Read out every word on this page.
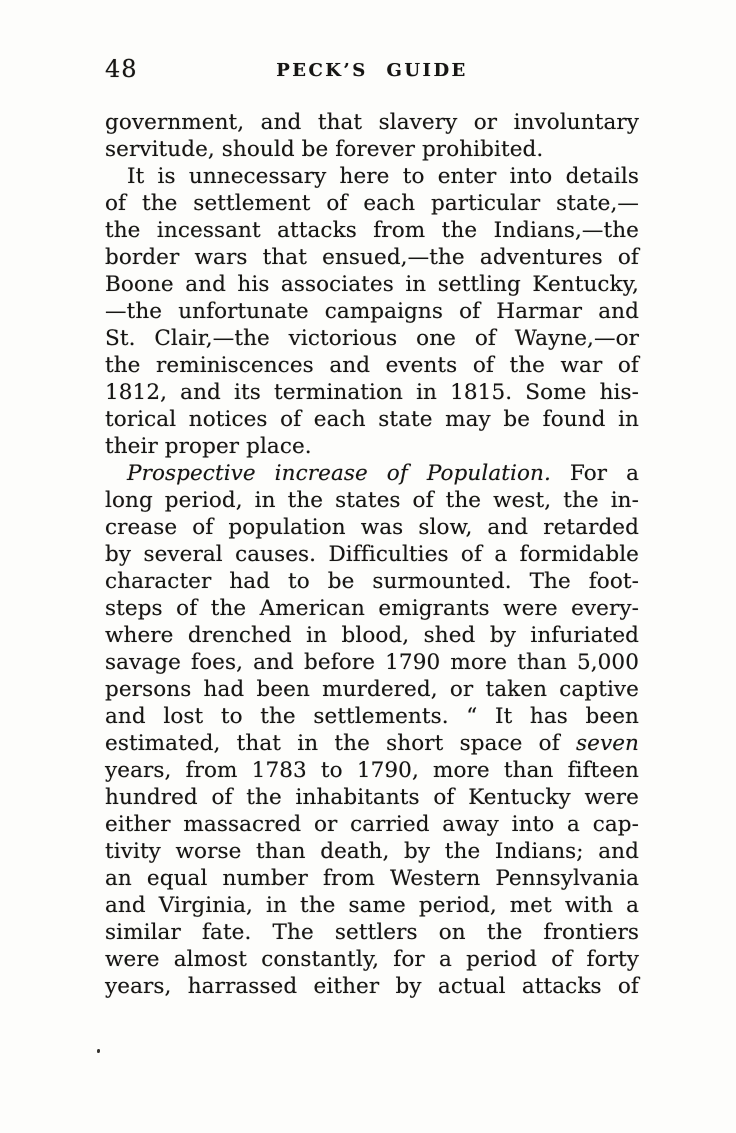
48	PECK’S GUIDE
government, and that slavery or involuntary
servitude, should be forever prohibited.
It is unnecessary here to enter into details
of the settlement of each particular state,—
the incessant attacks from the Indians,—the
border wars that ensued,—the adventures of
Boone and his associates in settling Kentucky,
—the unfortunate campaigns of Harmar and
St. Clair,—the victorious one of Wayne,—or
the reminiscences and events of the war of
1812, and its termination in 1815. Some his-
torical notices of each state may be found in
their proper place.
Prospective increase of Population. For a
long period, in the states of the west, the in-
crease of population was slow, and retarded
by several causes. Difficulties of a formidable
character had to be surmounted. The foot-
steps of the American emigrants were every-
where drenched in blood, shed by infuriated
savage foes, and before 1790 more than 5,000
persons had been murdered, or taken captive
and lost to the settlements. “ It has been
estimated, that in the short space of seven
years, from 1783 to 1790, more than fifteen
hundred of the inhabitants of Kentucky were
either massacred or carried away into a cap-
tivity worse than death, by the Indians; and
an equal number from Western Pennsylvania
and Virginia, in the same period, met with a
similar fate. The settlers on the frontiers
were almost constantly, for a period of forty
years, harrassed either by actual attacks of
